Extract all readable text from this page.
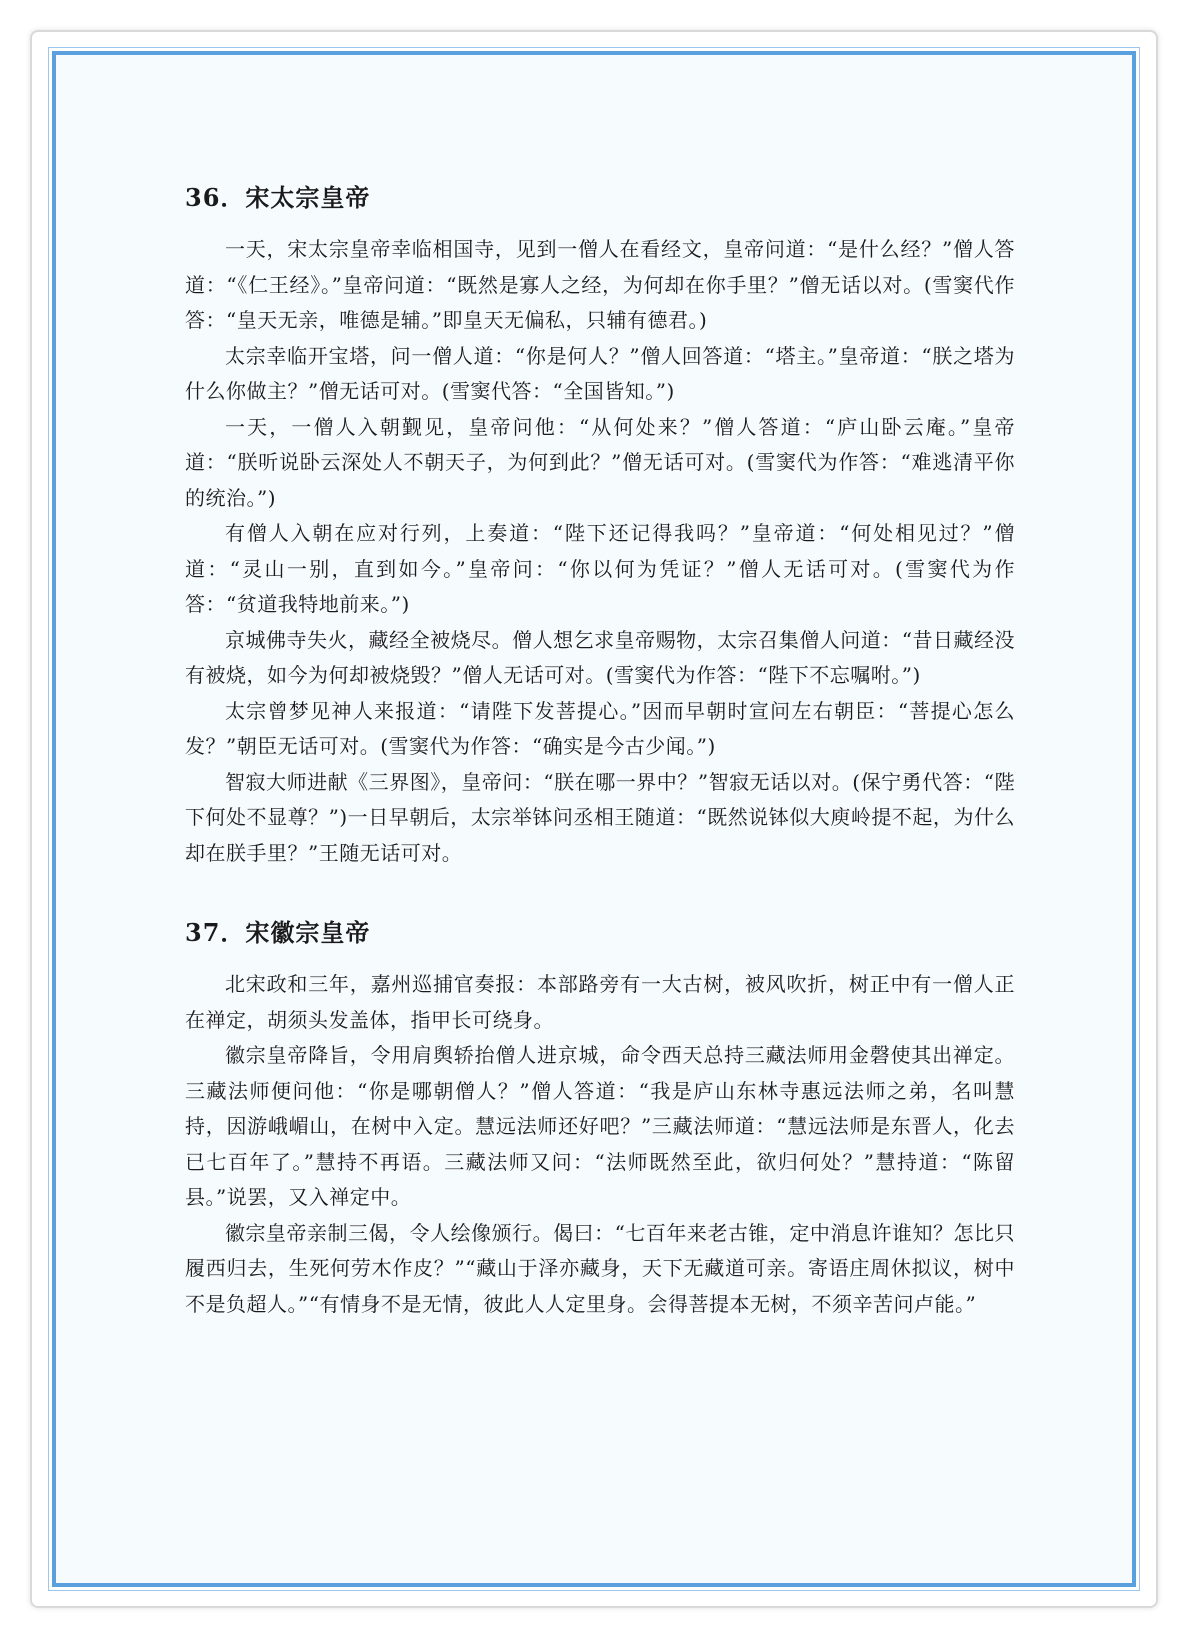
36．宋太宗皇帝

一天，宋太宗皇帝幸临相国寺，见到一僧人在看经文，皇帝问道：“是什么经？”僧人答道：“《仁王经》。”皇帝问道：“既然是寡人之经，为何却在你手里？”僧无话以对。(雪窦代作答：“皇天无亲，唯德是辅。”即皇天无偏私，只辅有德君。)

太宗幸临开宝塔，问一僧人道：“你是何人？”僧人回答道：“塔主。”皇帝道：“朕之塔为什么你做主？”僧无话可对。(雪窦代答：“全国皆知。”)

一天，一僧人入朝觐见，皇帝问他：“从何处来？”僧人答道：“庐山卧云庵。”皇帝道：“朕听说卧云深处人不朝天子，为何到此？”僧无话可对。(雪窦代为作答：“难逃清平你的统治。”)

有僧人入朝在应对行列，上奏道：“陛下还记得我吗？”皇帝道：“何处相见过？”僧道：“灵山一别，直到如今。”皇帝问：“你以何为凭证？”僧人无话可对。(雪窦代为作答：“贫道我特地前来。”)

京城佛寺失火，藏经全被烧尽。僧人想乞求皇帝赐物，太宗召集僧人问道：“昔日藏经没有被烧，如今为何却被烧毁？”僧人无话可对。(雪窦代为作答：“陛下不忘嘱咐。”)

太宗曾梦见神人来报道：“请陛下发菩提心。”因而早朝时宣问左右朝臣：“菩提心怎么发？”朝臣无话可对。(雪窦代为作答：“确实是今古少闻。”)

智寂大师进献《三界图》，皇帝问：“朕在哪一界中？”智寂无话以对。(保宁勇代答：“陛下何处不显尊？”)一日早朝后，太宗举钵问丞相王随道：“既然说钵似大庾岭提不起，为什么却在朕手里？”王随无话可对。

37．宋徽宗皇帝

北宋政和三年，嘉州巡捕官奏报：本部路旁有一大古树，被风吹折，树正中有一僧人正在禅定，胡须头发盖体，指甲长可绕身。

徽宗皇帝降旨，令用肩舆轿抬僧人进京城，命令西天总持三藏法师用金磬使其出禅定。三藏法师便问他：“你是哪朝僧人？”僧人答道：“我是庐山东林寺惠远法师之弟，名叫慧持，因游峨嵋山，在树中入定。慧远法师还好吧？”三藏法师道：“慧远法师是东晋人，化去已七百年了。”慧持不再语。三藏法师又问：“法师既然至此，欲归何处？”慧持道：“陈留县。”说罢，又入禅定中。

徽宗皇帝亲制三偈，令人绘像颁行。偈曰：“七百年来老古锥，定中消息许谁知？怎比只履西归去，生死何劳木作皮？”“藏山于泽亦藏身，天下无藏道可亲。寄语庄周休拟议，树中不是负超人。”“有情身不是无情，彼此人人定里身。会得菩提本无树，不须辛苦问卢能。”
